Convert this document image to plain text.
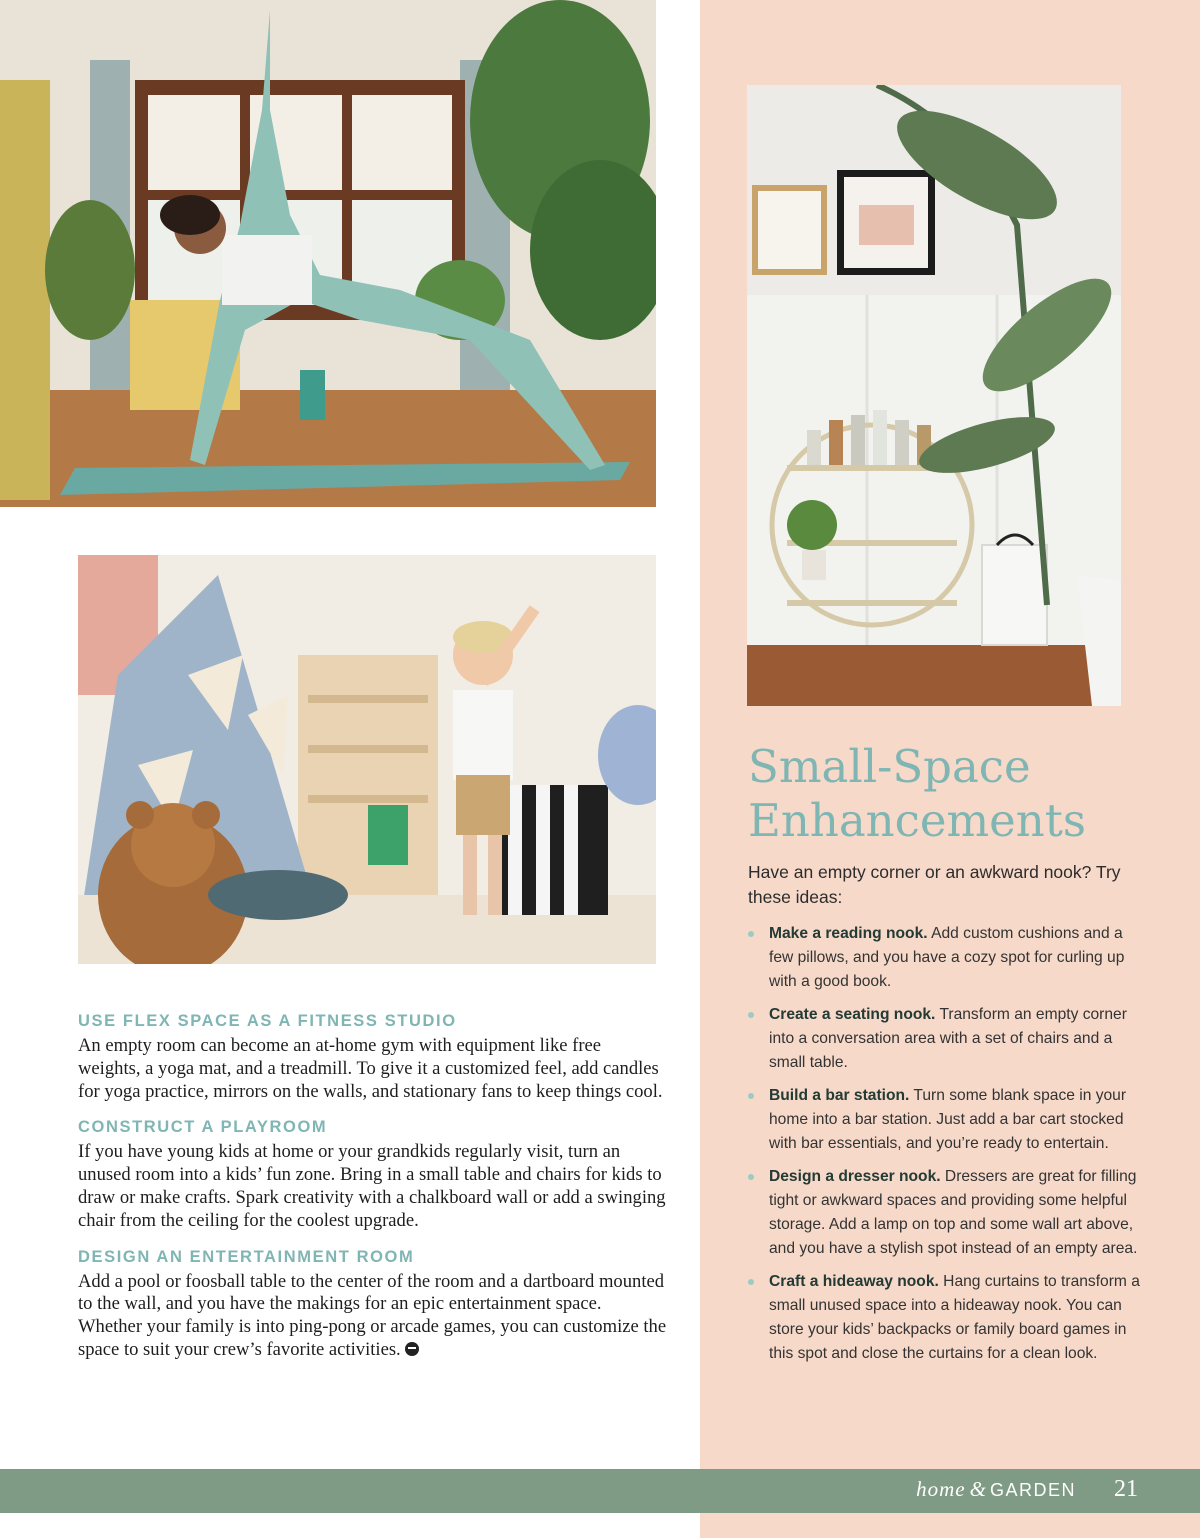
USE FLEX SPACE AS A FITNESS STUDIO

An empty room can become an at-home gym with equipment like free weights, a yoga mat, and a treadmill. To give it a customized feel, add candles for yoga practice, mirrors on the walls, and stationary fans to keep things cool.

CONSTRUCT A PLAYROOM

If you have young kids at home or your grandkids regularly visit, turn an unused room into a kids’ fun zone. Bring in a small table and chairs for kids to draw or make crafts. Spark creativity with a chalkboard wall or add a swinging chair from the ceiling for the coolest upgrade.

DESIGN AN ENTERTAINMENT ROOM

Add a pool or foosball table to the center of the room and a dartboard mounted to the wall, and you have the makings for an epic entertainment space. Whether your family is into ping-pong or arcade games, you can customize the space to suit your crew’s favorite activities.

Small-Space
Enhancements

Have an empty corner or an awkward nook? Try these ideas:

Make a reading nook. Add custom cushions and a few pillows, and you have a cozy spot for curling up with a good book.
Create a seating nook. Transform an empty corner into a conversation area with a set of chairs and a small table.
Build a bar station. Turn some blank space in your home into a bar station. Just add a bar cart stocked with bar essentials, and you’re ready to entertain.
Design a dresser nook. Dressers are great for filling tight or awkward spaces and providing some helpful storage. Add a lamp on top and some wall art above, and you have a stylish spot instead of an empty area.
Craft a hideaway nook. Hang curtains to transform a small unused space into a hideaway nook. You can store your kids’ backpacks or family board games in this spot and close the curtains for a clean look.
home & GARDEN 21
